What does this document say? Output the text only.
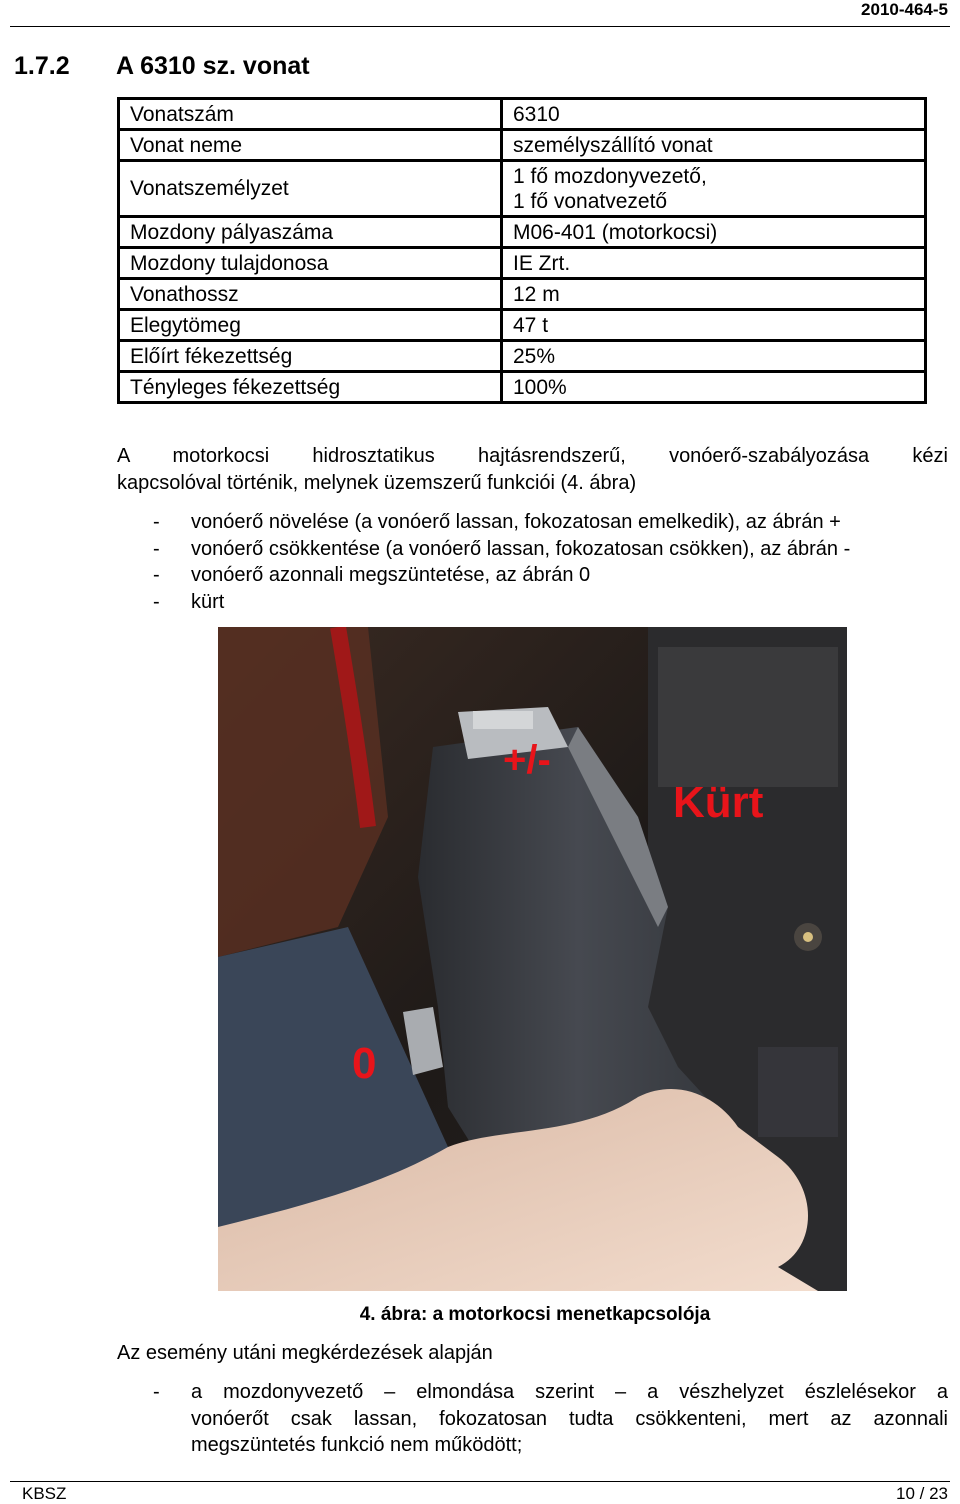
2010-464-5
1.7.2 A 6310 sz. vonat
Vonatszám	6310
Vonat neme	személyszállító vonat
Vonatszemélyzet	1 fő mozdonyvezető,
1 fő vonatvezető

Mozdony pályaszáma	M06-401 (motorkocsi)
Mozdony tulajdonosa	IE Zrt.
Vonathossz	12 m
Elegytömeg	47 t
Előírt fékezettség	25%
Tényleges fékezettség	100%
A motorkocsi hidrosztatikus hajtásrendszerű, vonóerő-szabályozása kézi
kapcsolóval történik, melynek üzemszerű funkciói (4. ábra)
-	vonóerő növelése (a vonóerő lassan, fokozatosan emelkedik), az ábrán +
-	vonóerő csökkentése (a vonóerő lassan, fokozatosan csökken), az ábrán -
-	vonóerő azonnali megszüntetése, az ábrán 0
-	kürt
+/-
Kürt
0
4. ábra: a motorkocsi menetkapcsolója
Az esemény utáni megkérdezések alapján
-	a mozdonyvezető – elmondása szerint – a vészhelyzet észlelésekor a
vonóerőt csak lassan, fokozatosan tudta csökkenteni, mert az azonnali
megszüntetés funkció nem működött;
KBSZ	10 / 23
